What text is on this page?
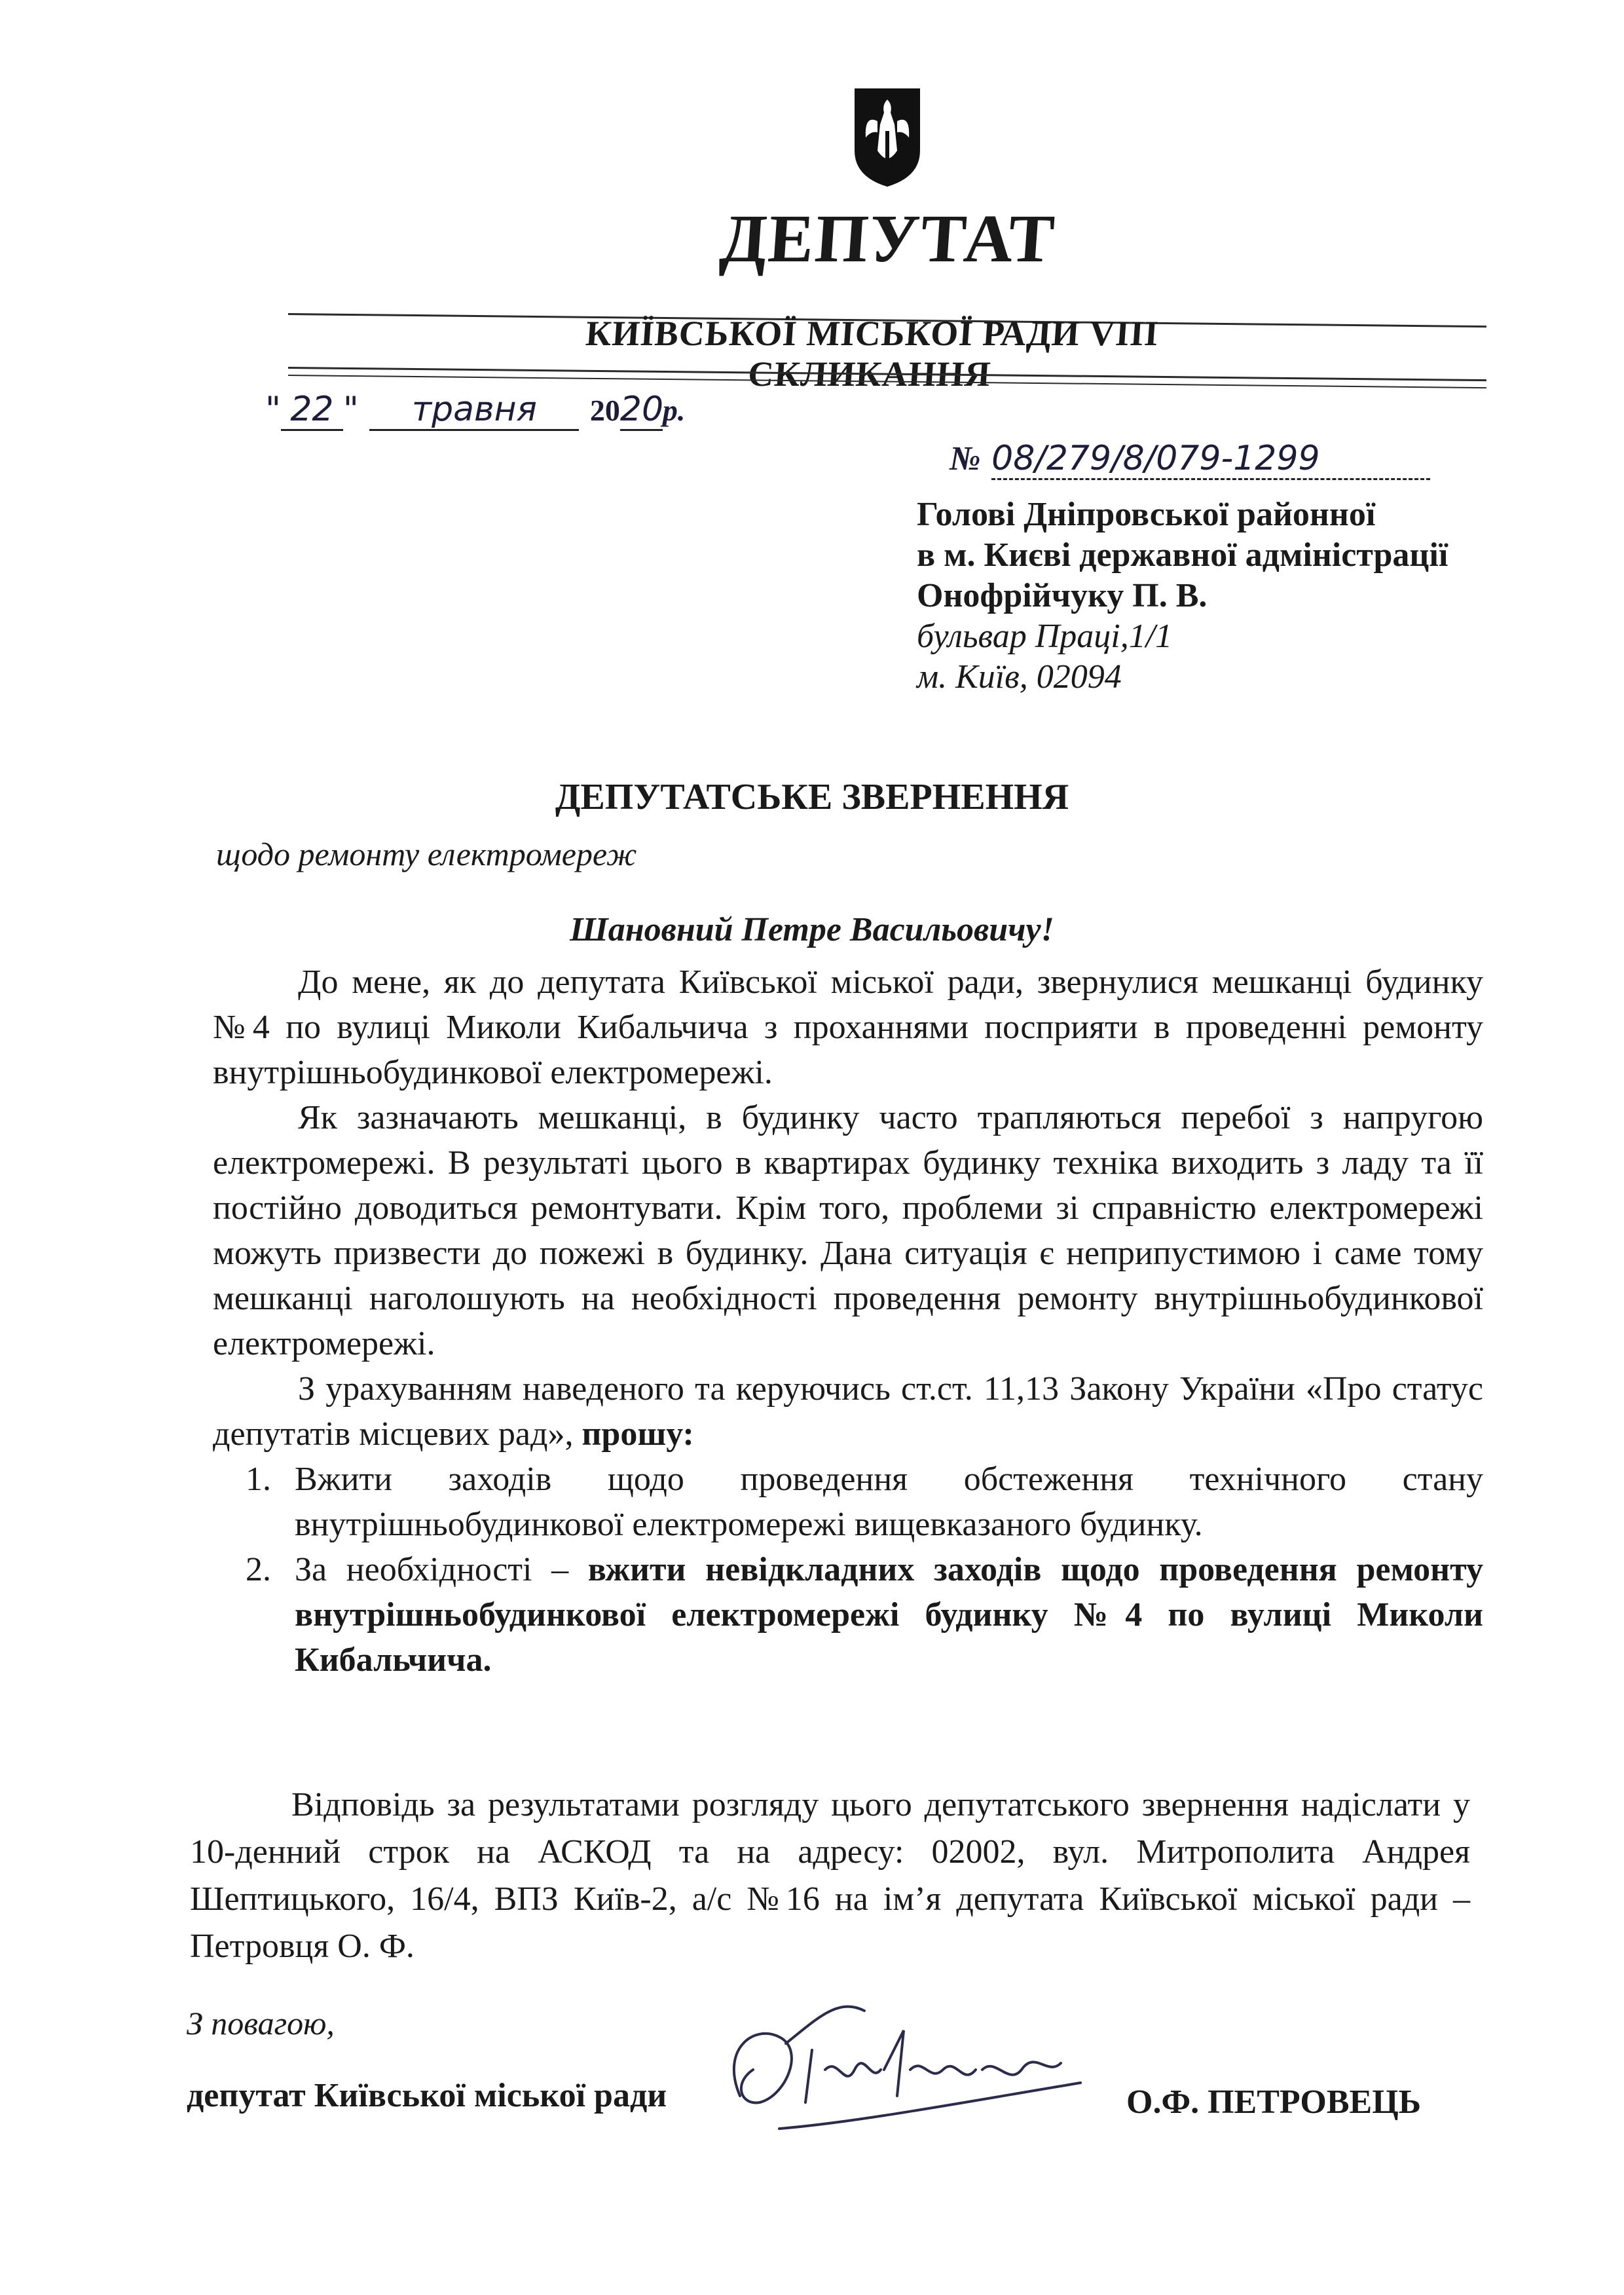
ДЕПУТАТ
КИЇВСЬКОЇ МІСЬКОЇ РАДИ VIII СКЛИКАННЯ
" 22 " травня 2020р.
№ 08/279/8/079-1299
Голові Дніпровської районної
в м. Києві державної адміністрації
Онофрійчуку П. В.
бульвар Праці,1/1
м. Київ, 02094
ДЕПУТАТСЬКЕ ЗВЕРНЕННЯ
щодо ремонту електромереж
Шановний Петре Васильовичу!

До мене, як до депутата Київської міської ради, звернулися мешканці будинку №4 по вулиці Миколи Кибальчича з проханнями посприяти в проведенні ремонту внутрішньобудинкової електромережі.

Як зазначають мешканці, в будинку часто трапляються перебої з напругою електромережі. В результаті цього в квартирах будинку техніка виходить з ладу та її постійно доводиться ремонтувати. Крім того, проблеми зі справністю електромережі можуть призвести до пожежі в будинку. Дана ситуація є неприпустимою і саме тому мешканці наголошують на необхідності проведення ремонту внутрішньобудинкової електромережі.

З урахуванням наведеного та керуючись ст.ст. 11,13 Закону України «Про статус депутатів місцевих рад», прошу:

1. Вжити заходів щодо проведення обстеження технічного стану внутрішньобудинкової електромережі вищевказаного будинку.
2. За необхідності – вжити невідкладних заходів щодо проведення ремонту внутрішньобудинкової електромережі будинку №4 по вулиці Миколи Кибальчича.

Відповідь за результатами розгляду цього депутатського звернення надіслати у 10-денний строк на АСКОД та на адресу: 02002, вул. Митрополита Андрея Шептицького, 16/4, ВПЗ Київ-2, а/с №16 на ім’я депутата Київської міської ради – Петровця О. Ф.

З повагою,
депутат Київської міської ради	О.Ф. ПЕТРОВЕЦЬ
